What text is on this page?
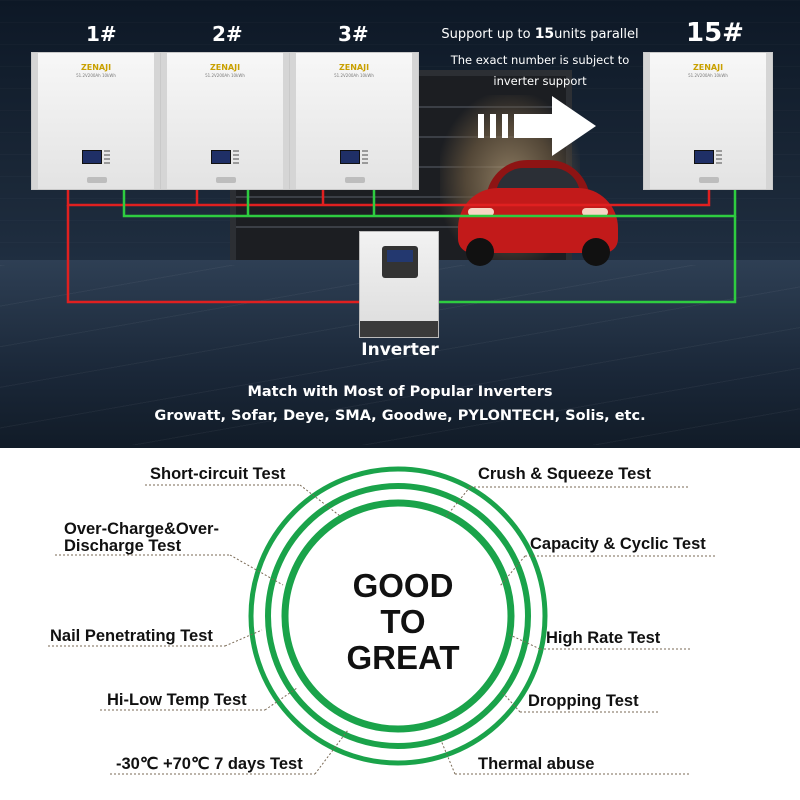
ZENAJI
51.2V200Ah 10kWh
ZENAJI
51.2V200Ah 10kWh
ZENAJI
51.2V200Ah 10kWh
ZENAJI
51.2V200Ah 10kWh
1#	2#	3#	15#
Support up to 15units parallel
The exact number is subject to
inverter support
Inverter
Match with Most of Popular Inverters
Growatt, Sofar, Deye, SMA, Goodwe, PYLONTECH, Solis, etc.
GOOD
TO
GREAT
Short-circuit Test
Over-Charge&Over-Discharge Test
Nail Penetrating Test
Hi-Low Temp Test
-30℃ +70℃ 7 days Test
Crush & Squeeze Test
Capacity & Cyclic Test
High Rate Test
Dropping Test
Thermal abuse
